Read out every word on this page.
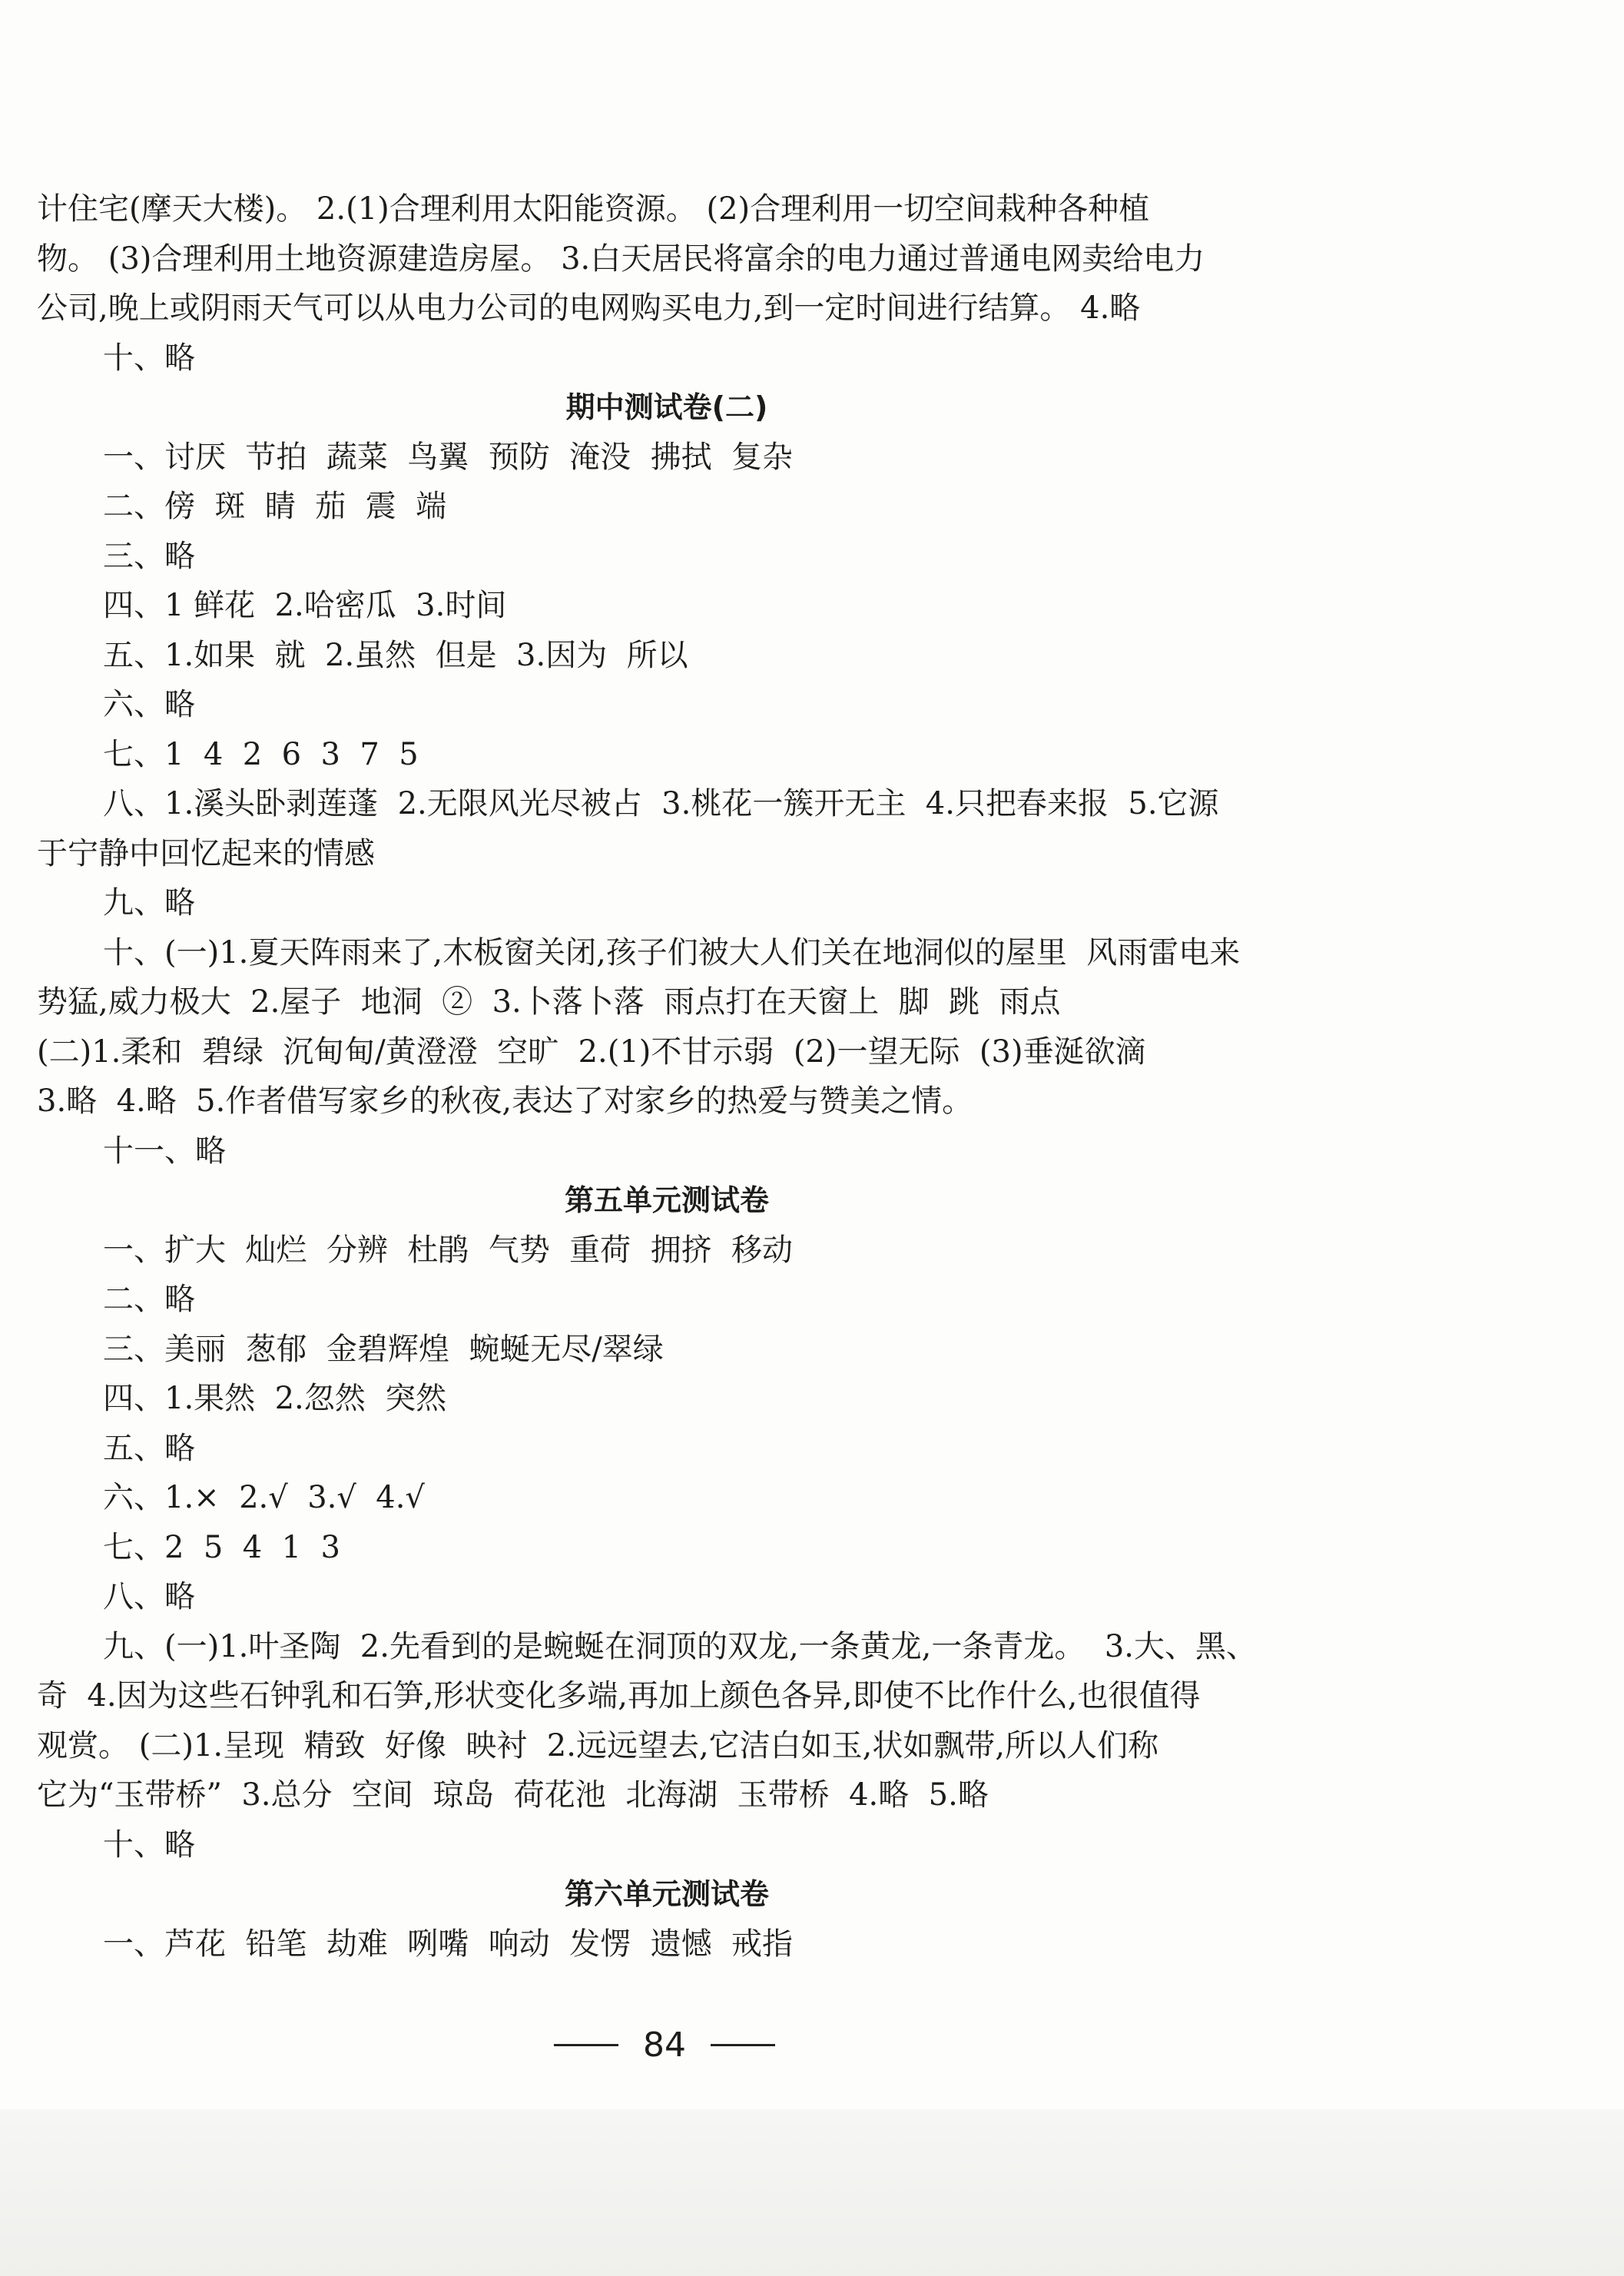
计住宅(摩天大楼)。 2.(1)合理利用太阳能资源。 (2)合理利用一切空间栽种各种植
物。 (3)合理利用土地资源建造房屋。 3.白天居民将富余的电力通过普通电网卖给电力
公司,晚上或阴雨天气可以从电力公司的电网购买电力,到一定时间进行结算。 4.略
十、略
期中测试卷(二)
一、讨厌  节拍  蔬菜  鸟翼  预防  淹没  拂拭  复杂
二、傍  斑  睛  茄  震  端
三、略
四、1 鲜花  2.哈密瓜  3.时间
五、1.如果  就  2.虽然  但是  3.因为  所以
六、略
七、1  4  2  6  3  7  5
八、1.溪头卧剥莲蓬  2.无限风光尽被占  3.桃花一簇开无主  4.只把春来报  5.它源
于宁静中回忆起来的情感
九、略
十、(一)1.夏天阵雨来了,木板窗关闭,孩子们被大人们关在地洞似的屋里  风雨雷电来
势猛,威力极大  2.屋子  地洞  ②  3.卜落卜落  雨点打在天窗上  脚  跳  雨点
(二)1.柔和  碧绿  沉甸甸/黄澄澄  空旷  2.(1)不甘示弱  (2)一望无际  (3)垂涎欲滴
3.略  4.略  5.作者借写家乡的秋夜,表达了对家乡的热爱与赞美之情。
十一、略
第五单元测试卷
一、扩大  灿烂  分辨  杜鹃  气势  重荷  拥挤  移动
二、略
三、美丽  葱郁  金碧辉煌  蜿蜒无尽/翠绿
四、1.果然  2.忽然  突然
五、略
六、1.×  2.√  3.√  4.√
七、2  5  4  1  3
八、略
九、(一)1.叶圣陶  2.先看到的是蜿蜒在洞顶的双龙,一条黄龙,一条青龙。  3.大、黑、
奇  4.因为这些石钟乳和石笋,形状变化多端,再加上颜色各异,即使不比作什么,也很值得
观赏。 (二)1.呈现  精致  好像  映衬  2.远远望去,它洁白如玉,状如飘带,所以人们称
它为“玉带桥”  3.总分  空间  琼岛  荷花池  北海湖  玉带桥  4.略  5.略
十、略
第六单元测试卷
一、芦花  铅笔  劫难  咧嘴  响动  发愣  遗憾  戒指
84
